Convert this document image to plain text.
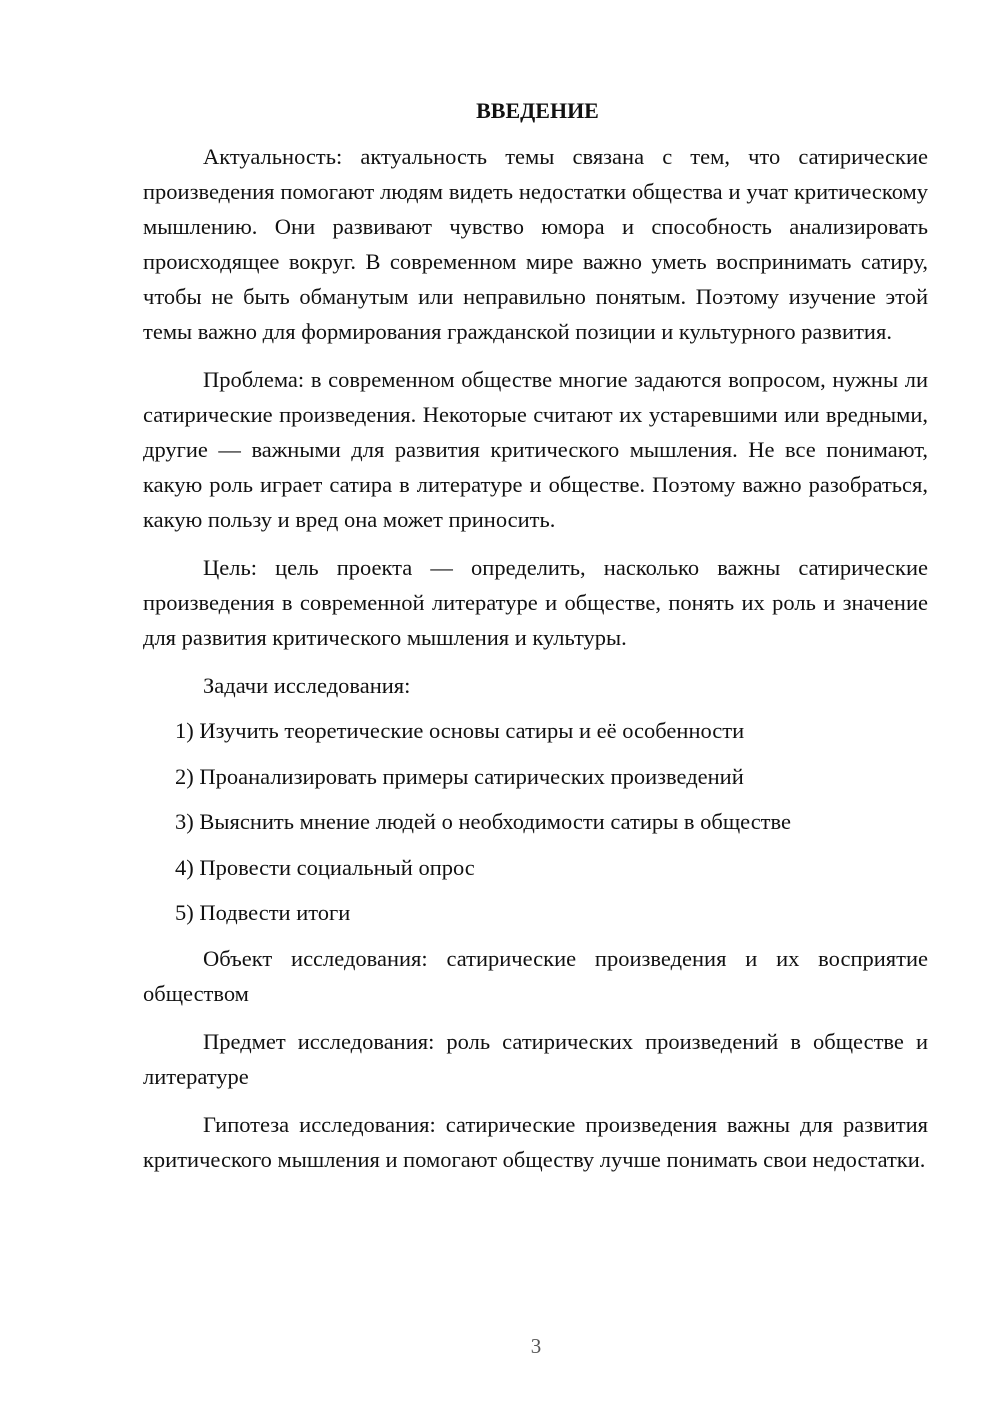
ВВЕДЕНИЕ

Актуальность: актуальность темы связана с тем, что сатирические произведения помогают людям видеть недостатки общества и учат критическому мышлению. Они развивают чувство юмора и способность анализировать происходящее вокруг. В современном мире важно уметь воспринимать сатиру, чтобы не быть обманутым или неправильно понятым. Поэтому изучение этой темы важно для формирования гражданской позиции и культурного развития.

Проблема: в современном обществе многие задаются вопросом, нужны ли сатирические произведения. Некоторые считают их устаревшими или вредными, другие — важными для развития критического мышления. Не все понимают, какую роль играет сатира в литературе и обществе. Поэтому важно разобраться, какую пользу и вред она может приносить.

Цель: цель проекта — определить, насколько важны сатирические произведения в современной литературе и обществе, понять их роль и значение для развития критического мышления и культуры.

Задачи исследования:

1) Изучить теоретические основы сатиры и её особенности
2) Проанализировать примеры сатирических произведений
3) Выяснить мнение людей о необходимости сатиры в обществе
4) Провести социальный опрос
5) Подвести итоги

Объект исследования: сатирические произведения и их восприятие обществом

Предмет исследования: роль сатирических произведений в обществе и литературе

Гипотеза исследования: сатирические произведения важны для развития критического мышления и помогают обществу лучше понимать свои недостатки.

3
